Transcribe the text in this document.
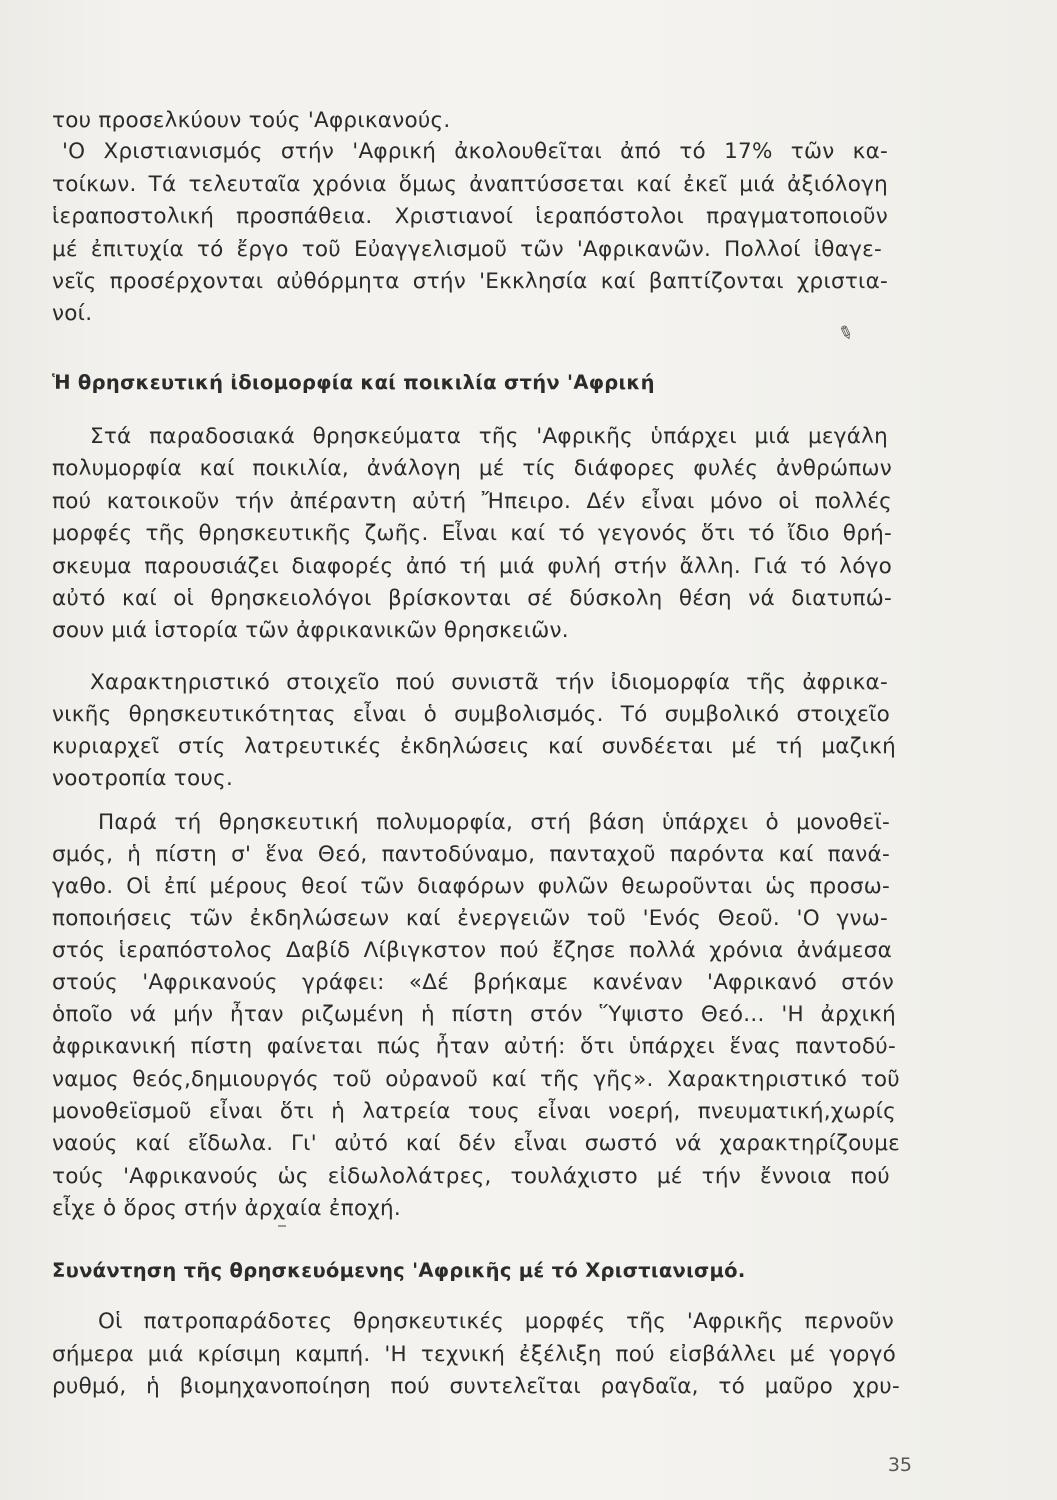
του προσελκύουν τούς 'Αφρικανούς.

'Ο Χριστιανισμός στήν 'Αφρική ἀκολουθεῖται ἀπό τό 17% τῶν κα-

τοίκων. Τά τελευταῖα χρόνια ὅμως ἀναπτύσσεται καί ἐκεῖ μιά ἀξιόλογη

ἱεραποστολική προσπάθεια. Χριστιανοί ἱεραπόστολοι πραγματοποιοῦν

μέ ἐπιτυχία τό ἔργο τοῦ Εὐαγγελισμοῦ τῶν 'Αφρικανῶν. Πολλοί ἰθαγε-

νεῖς προσέρχονται αὐθόρμητα στήν 'Εκκλησία καί βαπτίζονται χριστια-

νοί.

✎

Ἡ θρησκευτική ἰδιομορφία καί ποικιλία στήν 'Αφρική

Στά παραδοσιακά θρησκεύματα τῆς 'Αφρικῆς ὑπάρχει μιά μεγάλη

πολυμορφία καί ποικιλία, ἀνάλογη μέ τίς διάφορες φυλές ἀνθρώπων

πού κατοικοῦν τήν ἀπέραντη αὐτή Ἤπειρο. Δέν εἶναι μόνο οἱ πολλές

μορφές τῆς θρησκευτικῆς ζωῆς. Εἶναι καί τό γεγονός ὅτι τό ἴδιο θρή-

σκευμα παρουσιάζει διαφορές ἀπό τή μιά φυλή στήν ἄλλη. Γιά τό λόγο

αὐτό καί οἱ θρησκειολόγοι βρίσκονται σέ δύσκολη θέση νά διατυπώ-

σουν μιά ἱστορία τῶν ἀφρικανικῶν θρησκειῶν.

Χαρακτηριστικό στοιχεῖο πού συνιστᾶ τήν ἰδιομορφία τῆς ἀφρικα-

νικῆς θρησκευτικότητας εἶναι ὁ συμβολισμός. Τό συμβολικό στοιχεῖο

κυριαρχεῖ στίς λατρευτικές ἐκδηλώσεις καί συνδέεται μέ τή μαζική

νοοτροπία τους.

Παρά τή θρησκευτική πολυμορφία, στή βάση ὑπάρχει ὁ μονοθεϊ-

σμός, ἡ πίστη σ' ἕνα Θεό, παντοδύναμο, πανταχοῦ παρόντα καί πανά-

γαθο. Οἱ ἐπί μέρους θεοί τῶν διαφόρων φυλῶν θεωροῦνται ὡς προσω-

ποποιήσεις τῶν ἐκδηλώσεων καί ἐνεργειῶν τοῦ 'Ενός Θεοῦ. 'Ο γνω-

στός ἱεραπόστολος Δαβίδ Λίβιγκστον πού ἔζησε πολλά χρόνια ἀνάμεσα

στούς 'Αφρικανούς γράφει: «Δέ βρήκαμε κανέναν 'Αφρικανό στόν

ὁποῖο νά μήν ἦταν ριζωμένη ἡ πίστη στόν Ὕψιστο Θεό... 'Η ἀρχική

ἀφρικανική πίστη φαίνεται πώς ἦταν αὐτή: ὅτι ὑπάρχει ἕνας παντοδύ-

ναμος θεός,δημιουργός τοῦ οὐρανοῦ καί τῆς γῆς». Χαρακτηριστικό τοῦ

μονοθεϊσμοῦ εἶναι ὅτι ἡ λατρεία τους εἶναι νοερή, πνευματική,χωρίς

ναούς καί εἴδωλα. Γι' αὐτό καί δέν εἶναι σωστό νά χαρακτηρίζουμε

τούς 'Αφρικανούς ὡς εἰδωλολάτρες, τουλάχιστο μέ τήν ἔννοια πού

εἶχε ὁ ὅρος στήν ἀρχαία ἐποχή.

Συνάντηση τῆς θρησκευόμενης 'Αφρικῆς μέ τό Χριστιανισμό.

Οἱ πατροπαράδοτες θρησκευτικές μορφές τῆς 'Αφρικῆς περνοῦν

σήμερα μιά κρίσιμη καμπή. 'Η τεχνική ἐξέλιξη πού εἰσβάλλει μέ γοργό

ρυθμό, ἡ βιομηχανοποίηση πού συντελεῖται ραγδαῖα, τό μαῦρο χρυ-

35
